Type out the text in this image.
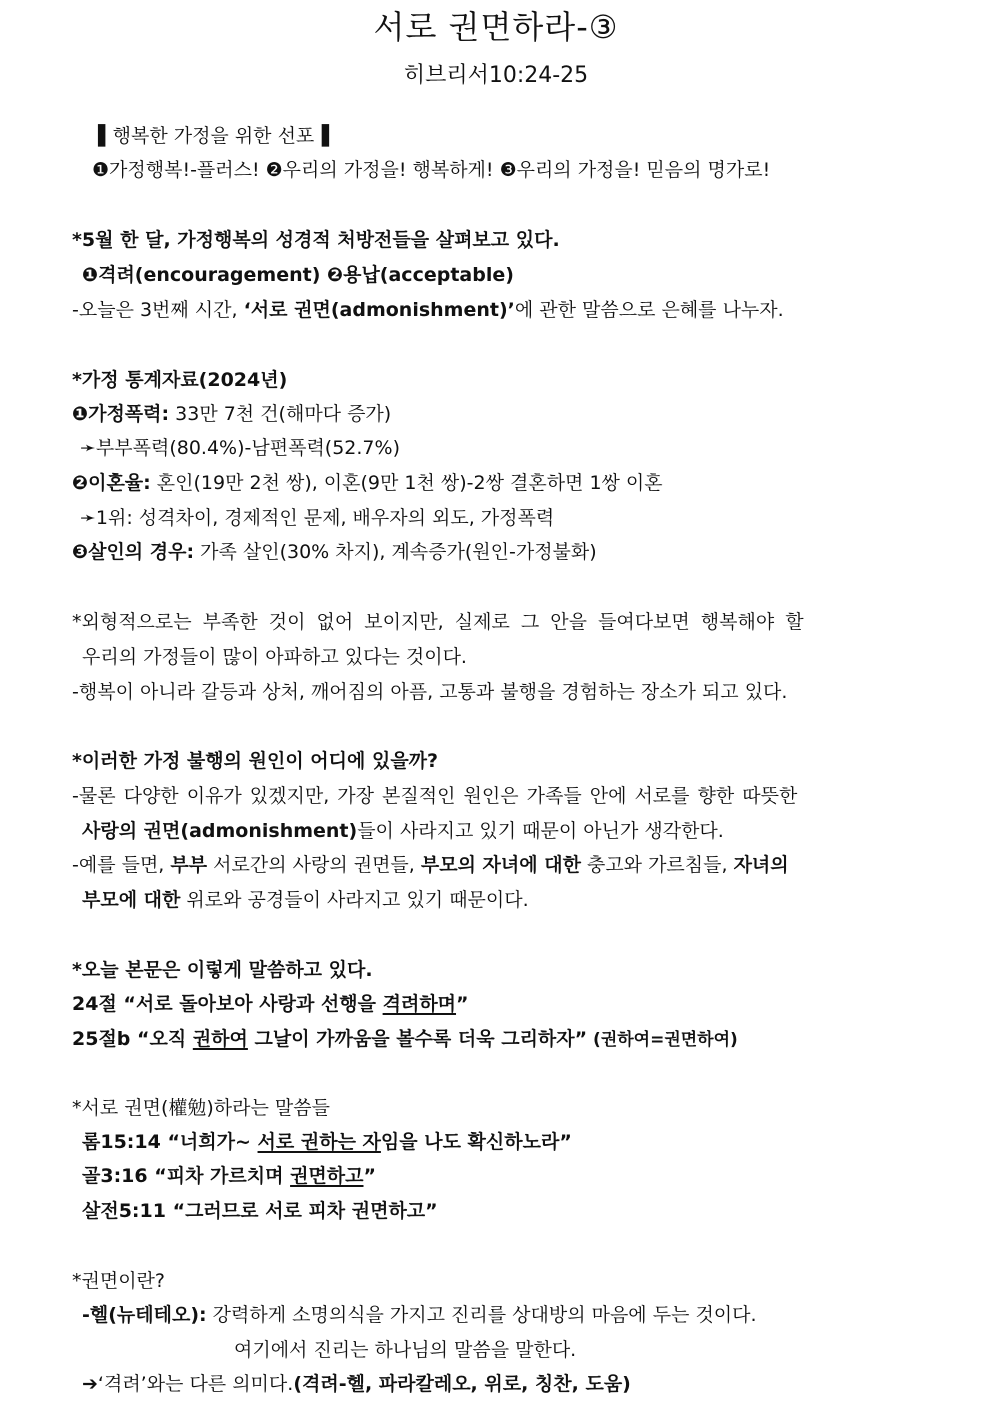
서로 권면하라-③
히브리서10:24-25
▌행복한 가정을 위한 선포▐
❶가정행복!-플러스! ❷우리의 가정을! 행복하게! ❸우리의 가정을! 믿음의 명가로!
*5월 한 달, 가정행복의 성경적 처방전들을 살펴보고 있다.
❶격려(encouragement) ❷용납(acceptable)
-오늘은 3번째 시간, ‘서로 권면(admonishment)’에 관한 말씀으로 은혜를 나누자.
*가정 통계자료(2024년)
❶가정폭력: 33만 7천 건(해마다 증가)
➛부부폭력(80.4%)-남편폭력(52.7%)
❷이혼율: 혼인(19만 2천 쌍), 이혼(9만 1천 쌍)-2쌍 결혼하면 1쌍 이혼
➛1위: 성격차이, 경제적인 문제, 배우자의 외도, 가정폭력
❸살인의 경우: 가족 살인(30% 차지), 계속증가(원인-가정불화)
*외형적으로는 부족한 것이 없어 보이지만, 실제로 그 안을 들여다보면 행복해야 할
우리의 가정들이 많이 아파하고 있다는 것이다.
-행복이 아니라 갈등과 상처, 깨어짐의 아픔, 고통과 불행을 경험하는 장소가 되고 있다.
*이러한 가정 불행의 원인이 어디에 있을까?
-물론 다양한 이유가 있겠지만, 가장 본질적인 원인은 가족들 안에 서로를 향한 따뜻한
사랑의 권면(admonishment)들이 사라지고 있기 때문이 아닌가 생각한다.
-예를 들면, 부부 서로간의 사랑의 권면들, 부모의 자녀에 대한 충고와 가르침들, 자녀의
부모에 대한 위로와 공경들이 사라지고 있기 때문이다.
*오늘 본문은 이렇게 말씀하고 있다.
24절 “서로 돌아보아 사랑과 선행을 격려하며”
25절b “오직 권하여 그날이 가까움을 볼수록 더욱 그리하자” (권하여=권면하여)
*서로 권면(權勉)하라는 말씀들
롬15:14 “너희가~ 서로 권하는 자임을 나도 확신하노라”
골3:16 “피차 가르치며 권면하고”
살전5:11 “그러므로 서로 피차 권면하고”
*권면이란?
-헬(뉴테테오): 강력하게 소명의식을 가지고 진리를 상대방의 마음에 두는 것이다.
여기에서 진리는 하나님의 말씀을 말한다.
➔‘격려’와는 다른 의미다.(격려-헬, 파라칼레오, 위로, 칭찬, 도움)
